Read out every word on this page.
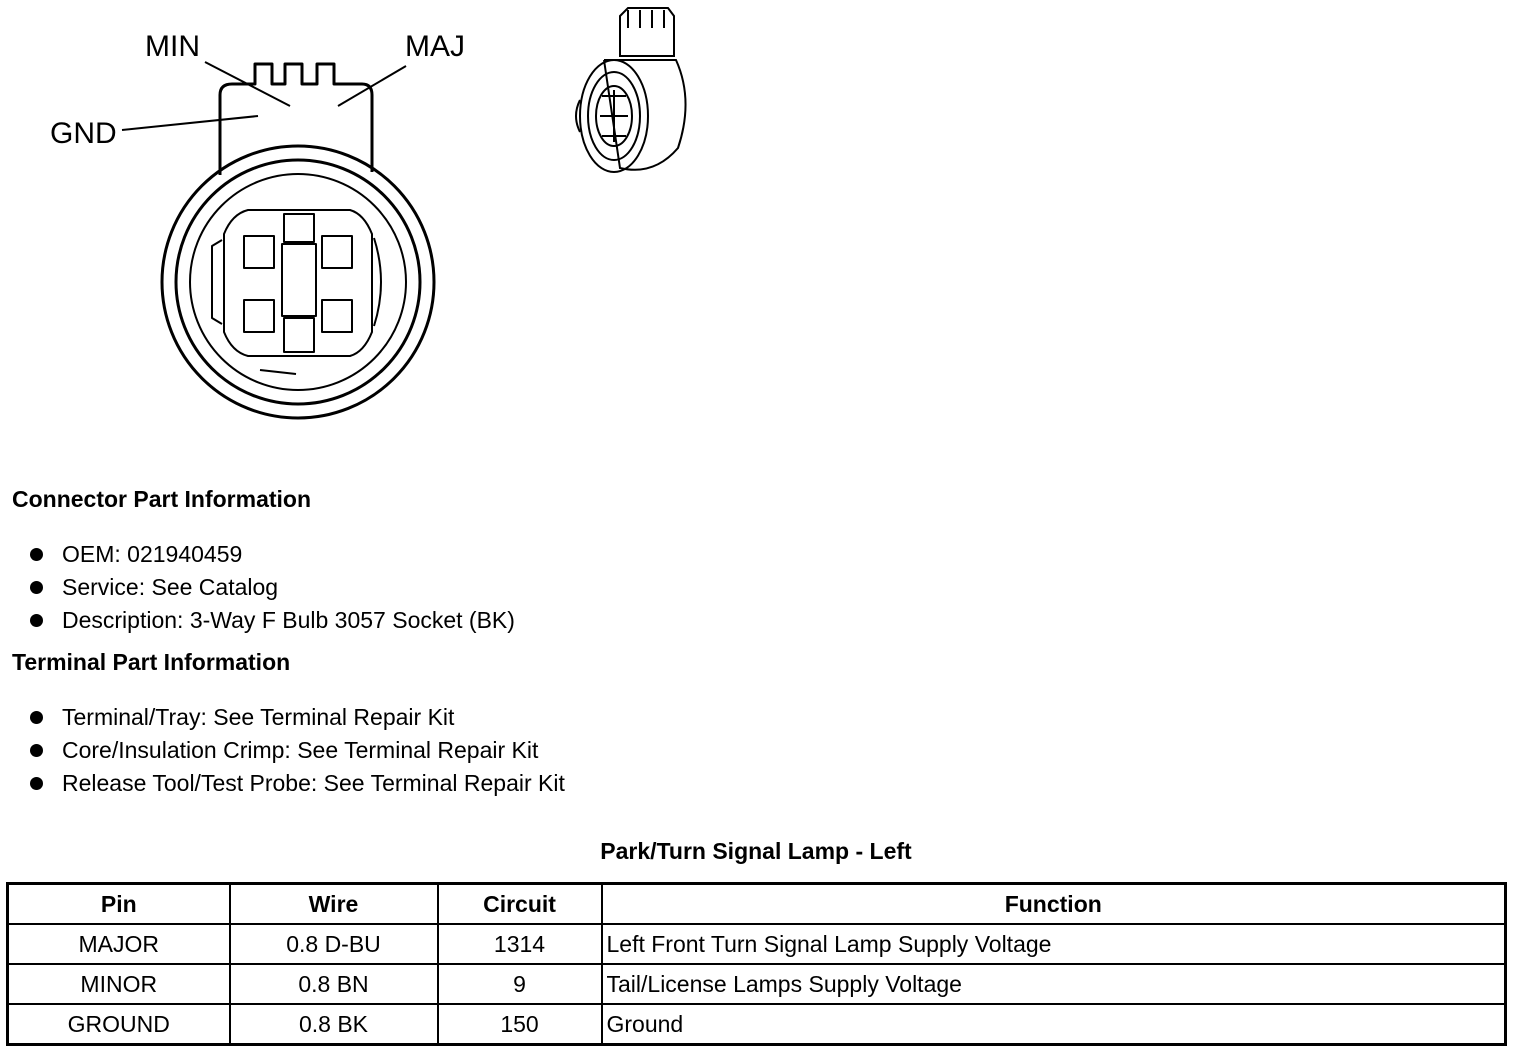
MIN	MAJ
GND
Connector Part Information
OEM: 021940459
Service: See Catalog
Description: 3-Way F Bulb 3057 Socket (BK)
Terminal Part Information
Terminal/Tray: See Terminal Repair Kit
Core/Insulation Crimp: See Terminal Repair Kit
Release Tool/Test Probe: See Terminal Repair Kit
Park/Turn Signal Lamp - Left
Pin	Wire	Circuit	Function
MAJOR	0.8 D-BU	1314	Left Front Turn Signal Lamp Supply Voltage
MINOR	0.8 BN	9	Tail/License Lamps Supply Voltage
GROUND	0.8 BK	150	Ground
